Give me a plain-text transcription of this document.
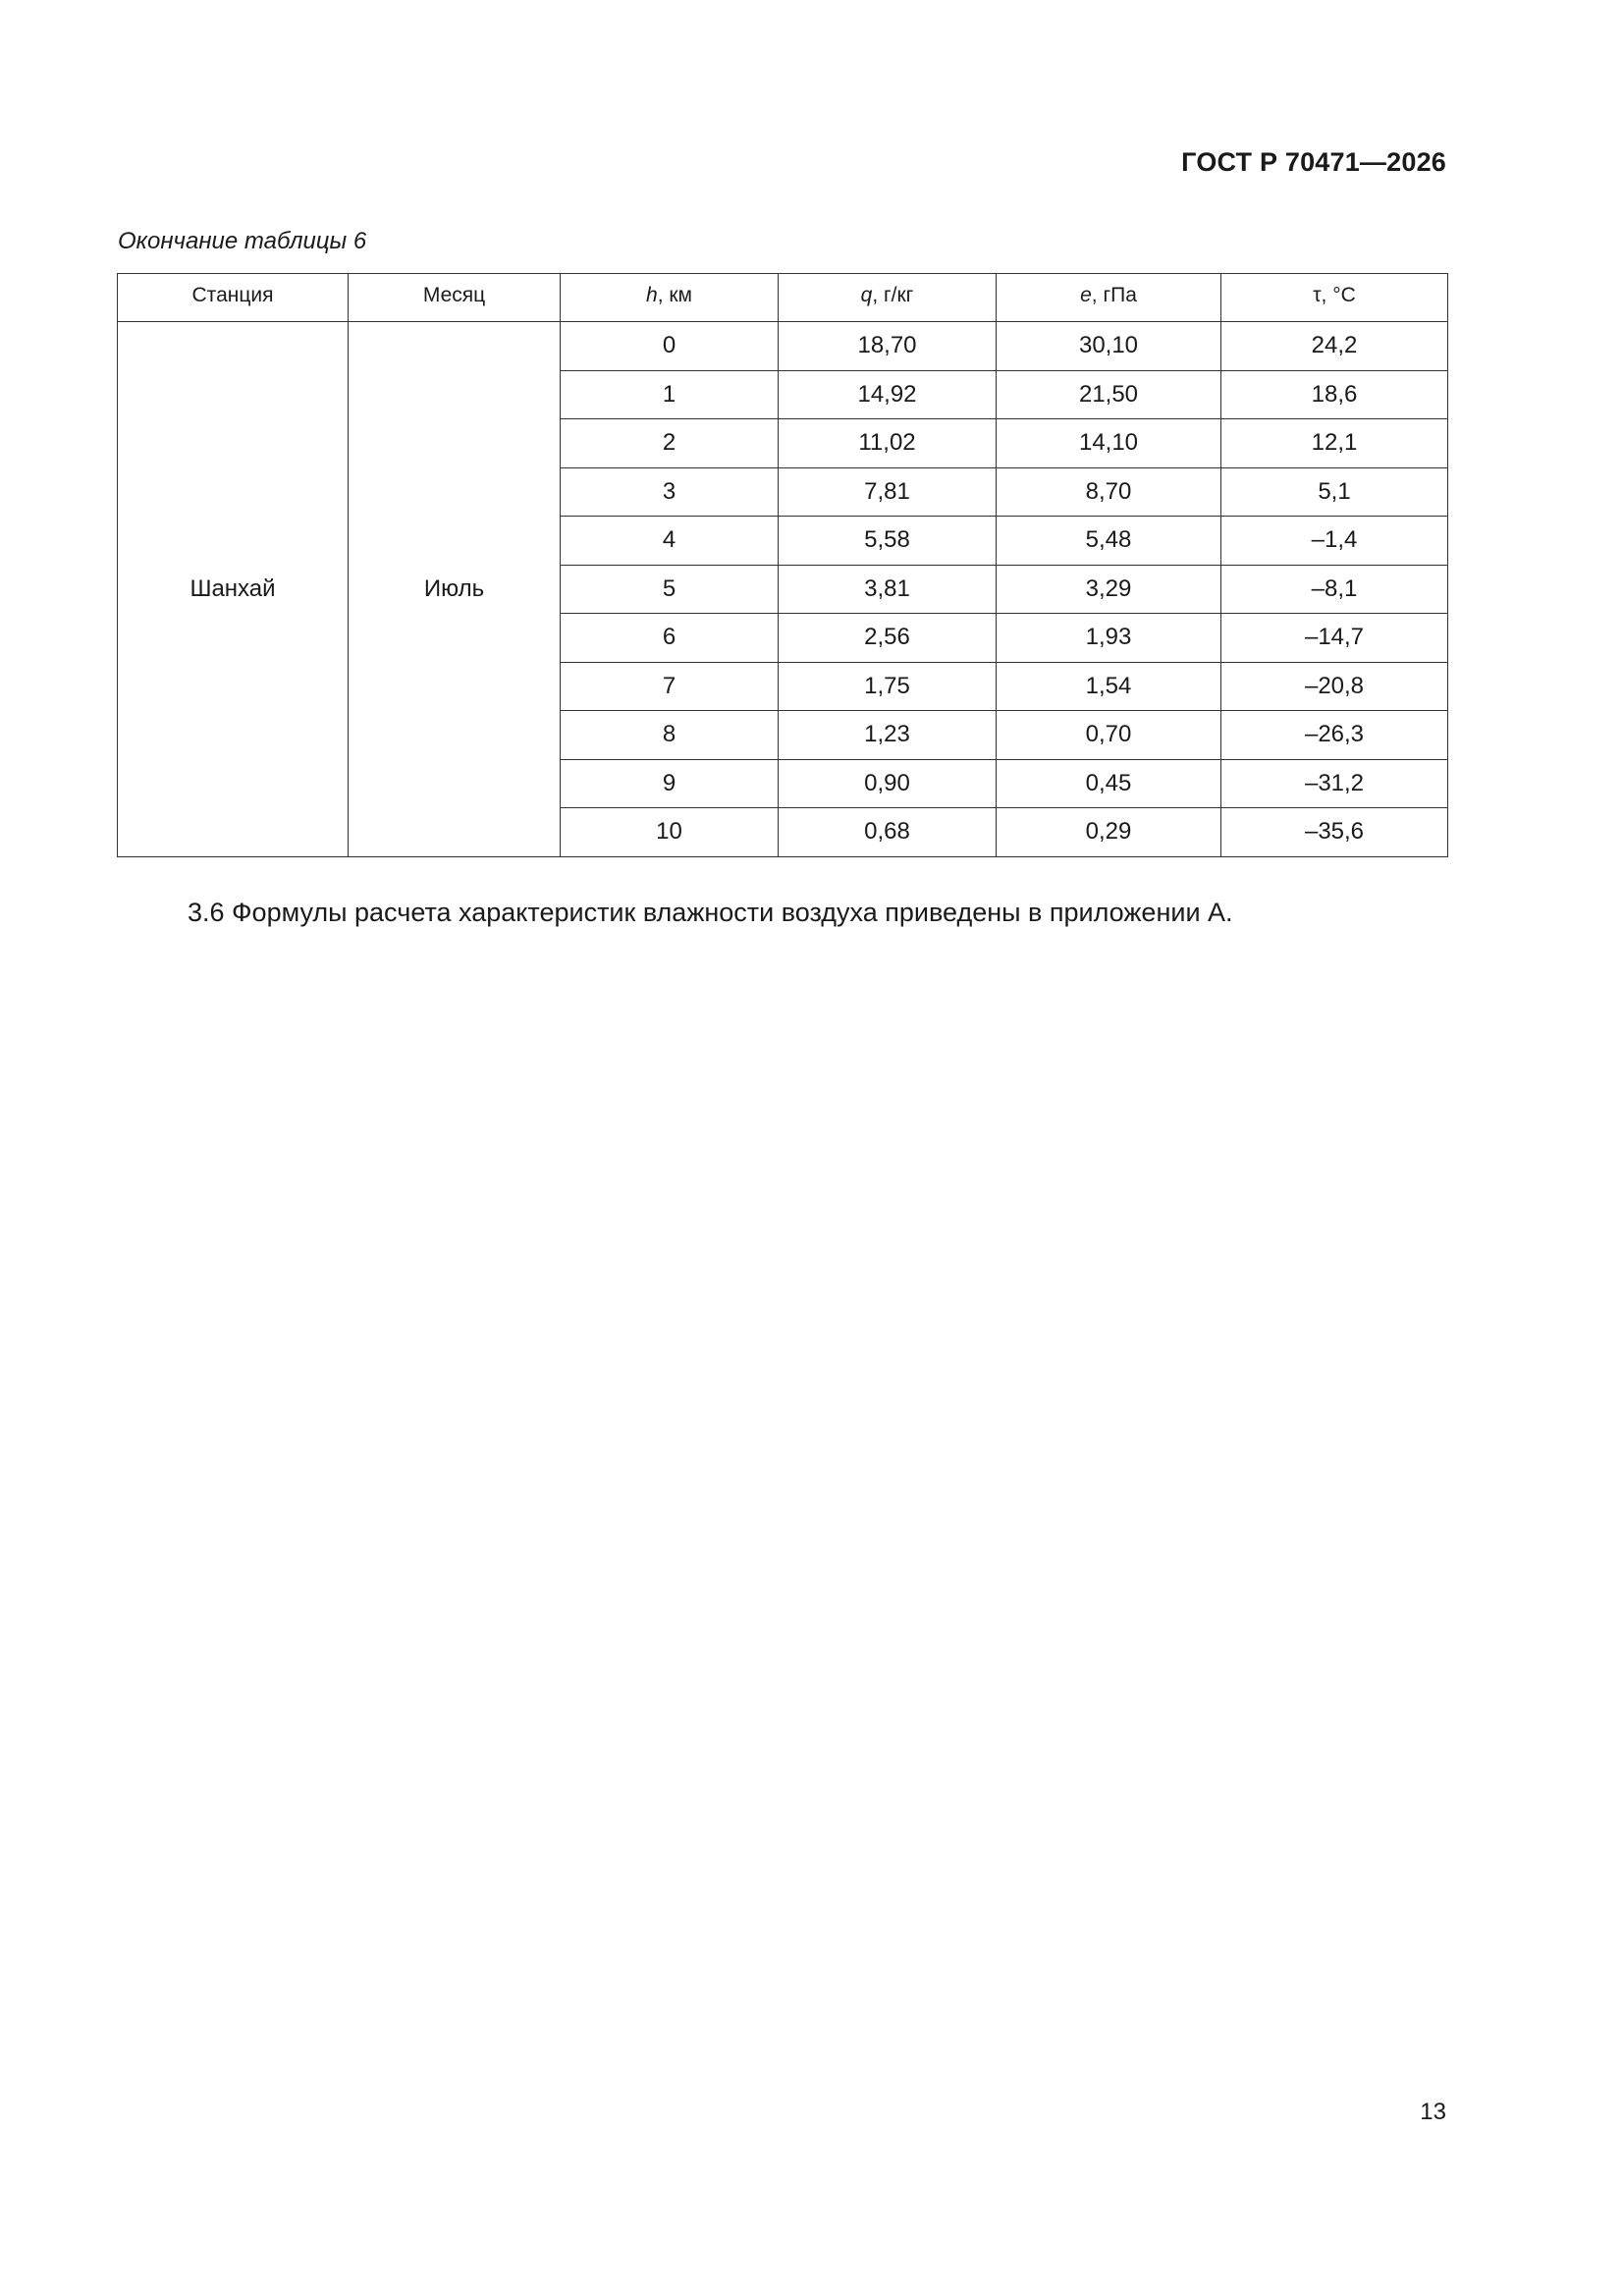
ГОСТ Р 70471—2026
Окончание таблицы 6
Станция	Месяц	h, км	q, г/кг	e, гПа	τ, °C

Шанхай	Июль	0	18,70	30,10	24,2
		1	14,92	21,50	18,6
		2	11,02	14,10	12,1
		3	7,81	8,70	5,1
		4	5,58	5,48	–1,4
		5	3,81	3,29	–8,1
		6	2,56	1,93	–14,7
		7	1,75	1,54	–20,8
		8	1,23	0,70	–26,3
		9	0,90	0,45	–31,2
		10	0,68	0,29	–35,6
3.6 Формулы расчета характеристик влажности воздуха приведены в приложении А.
13
